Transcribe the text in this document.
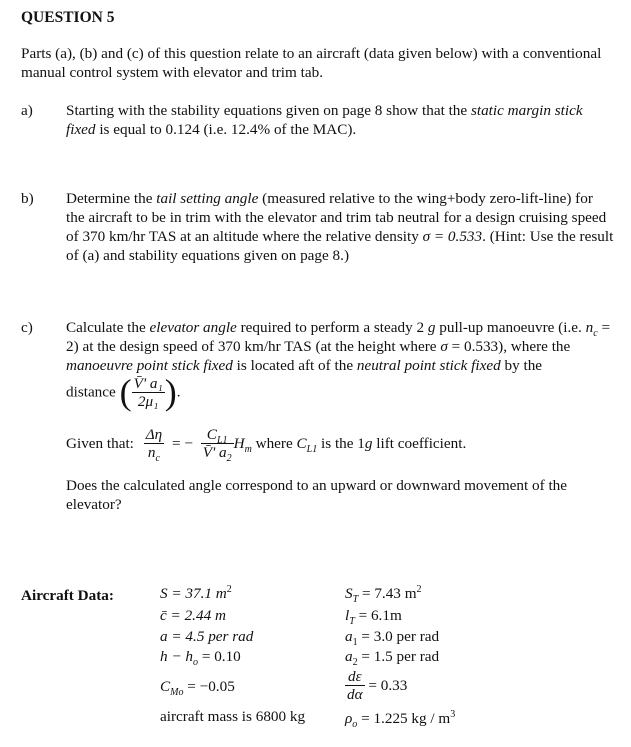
QUESTION 5
Parts (a), (b) and (c) of this question relate to an aircraft (data given below) with a conventional manual control system with elevator and trim tab.
a) Starting with the stability equations given on page 8 show that the static margin stick fixed is equal to 0.124 (i.e. 12.4% of the MAC).
b) Determine the tail setting angle (measured relative to the wing+body zero-lift-line) for the aircraft to be in trim with the elevator and trim tab neutral for a design cruising speed of 370 km/hr TAS at an altitude where the relative density σ = 0.533. (Hint: Use the result of (a) and stability equations given on page 8.)
c) Calculate the elevator angle required to perform a steady 2 g pull-up manoeuvre (i.e. $n_c = 2$) at the design speed of 370 km/hr TAS (at the height where σ = 0.533), where the manoeuvre point stick fixed is located aft of the neutral point stick fixed by the
distance ( $\frac{\text{V̄' a₁}}{\text{2μ₁}}$ ).
Given that: $\frac{\Delta\eta}{n_c}$ = − $\frac{C_{L1}}{V̄' a_2} H_m$ where $C_{L1}$ is the 1g lift coefficient.
Does the calculated angle correspond to an upward or downward movement of the elevator?
Aircraft Data:	S = 37.1 $m^2$
c̄ = 2.44 m
a = 4.5 per rad
$h - h_o = 0.10$
$C_{Mo} = -0.05$
aircraft mass is 6800 kg
$S_T = 7.43$ $m^2$
$l_T = 6.1m$
$a_1 = 3.0$ per rad
$a_2 = 1.5$ per rad
$\frac{d\varepsilon}{d\alpha} = 0.33$
$\rho_o = 1.225$ kg / $m^3$
